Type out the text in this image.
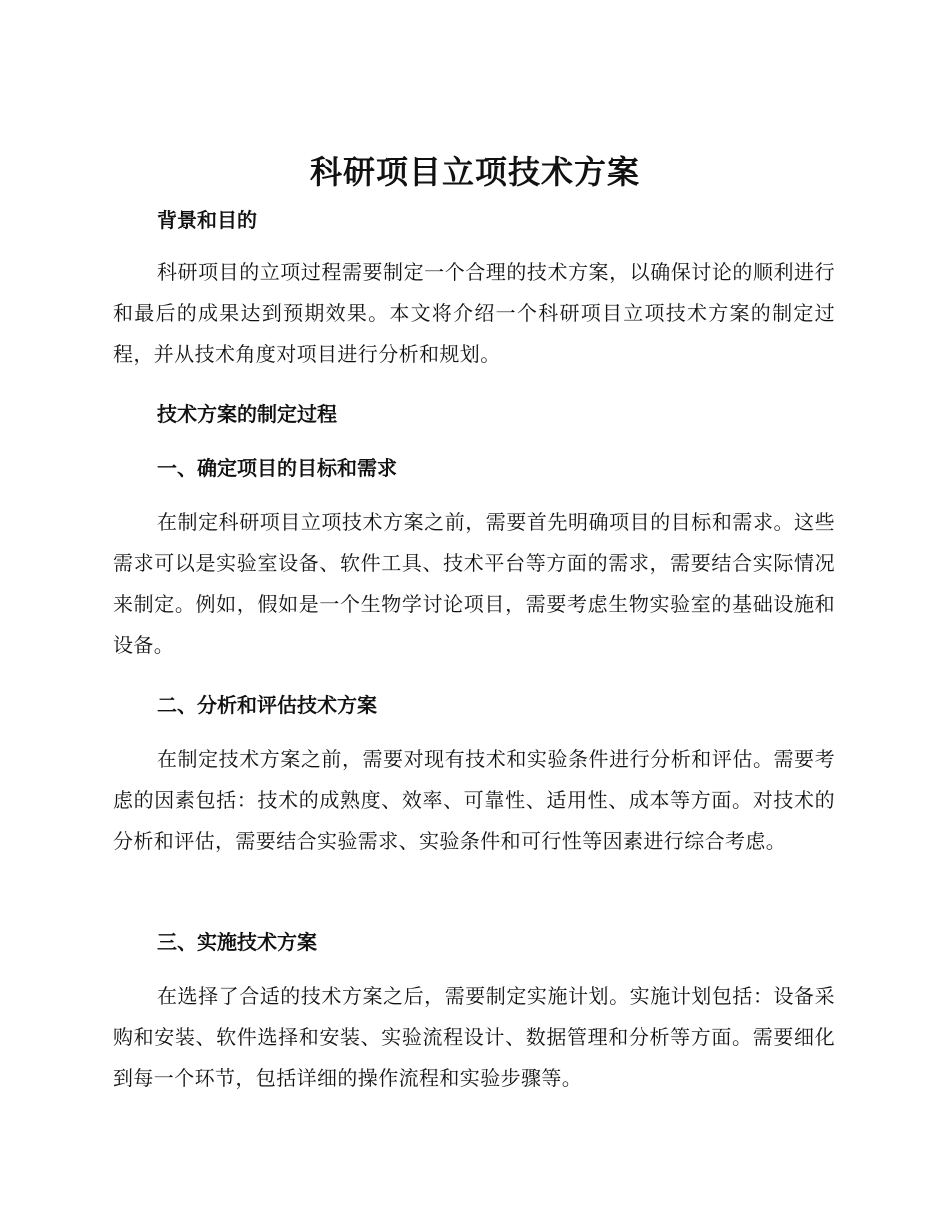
科研项目立项技术方案
背景和目的
科研项目的立项过程需要制定一个合理的技术方案，以确保讨论的顺利进行和最后的成果达到预期效果。本文将介绍一个科研项目立项技术方案的制定过程，并从技术角度对项目进行分析和规划。
技术方案的制定过程
一、确定项目的目标和需求
在制定科研项目立项技术方案之前，需要首先明确项目的目标和需求。这些需求可以是实验室设备、软件工具、技术平台等方面的需求，需要结合实际情况来制定。例如，假如是一个生物学讨论项目，需要考虑生物实验室的基础设施和设备。
二、分析和评估技术方案
在制定技术方案之前，需要对现有技术和实验条件进行分析和评估。需要考虑的因素包括：技术的成熟度、效率、可靠性、适用性、成本等方面。对技术的分析和评估，需要结合实验需求、实验条件和可行性等因素进行综合考虑。
三、实施技术方案
在选择了合适的技术方案之后，需要制定实施计划。实施计划包括：设备采购和安装、软件选择和安装、实验流程设计、数据管理和分析等方面。需要细化到每一个环节，包括详细的操作流程和实验步骤等。
